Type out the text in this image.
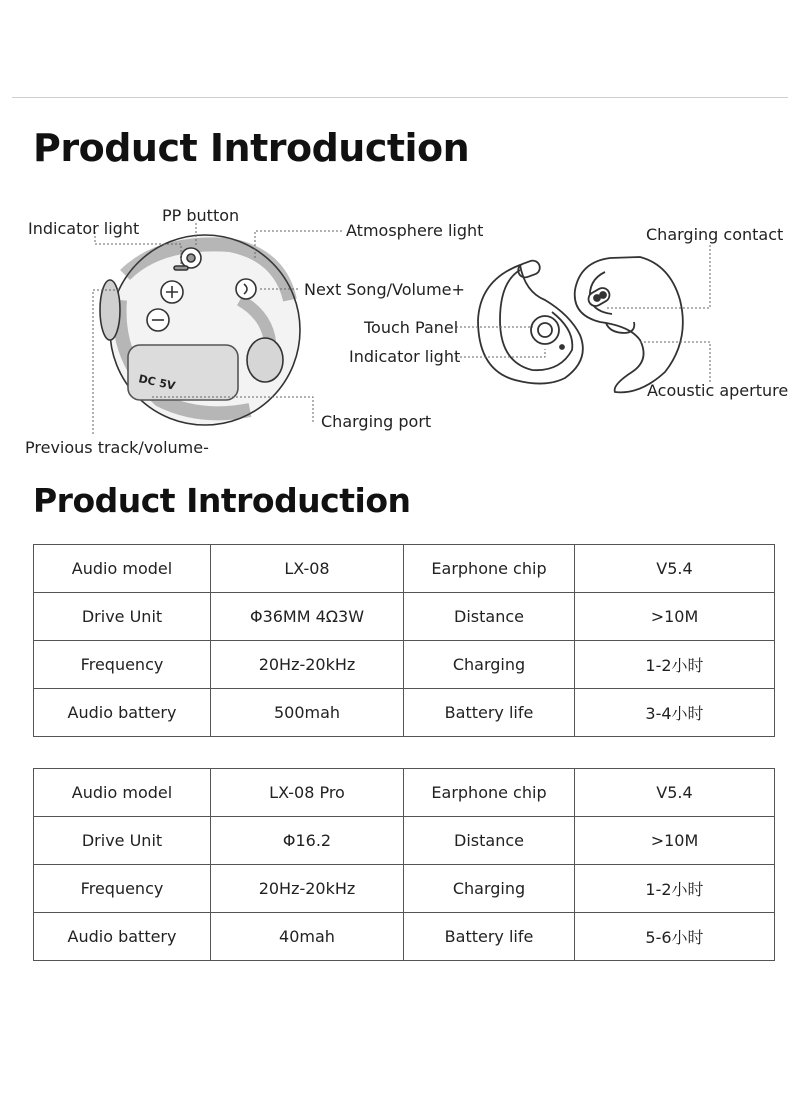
Product Introduction
DC 5V
Indicator light
PP button
Atmosphere light
Next Song/Volume+
Charging port
Previous track/volume-
Charging contact
Touch Panel
Indicator light
Acoustic aperture
Product Introduction
Audio model	LX-08	Earphone chip	V5.4
Drive Unit	Φ36MM 4Ω3W	Distance	>10M
Frequency	20Hz-20kHz	Charging	1-2小时
Audio battery	500mah	Battery life	3-4小时
Audio model	LX-08 Pro	Earphone chip	V5.4
Drive Unit	Φ16.2	Distance	>10M
Frequency	20Hz-20kHz	Charging	1-2小时
Audio battery	40mah	Battery life	5-6小时
